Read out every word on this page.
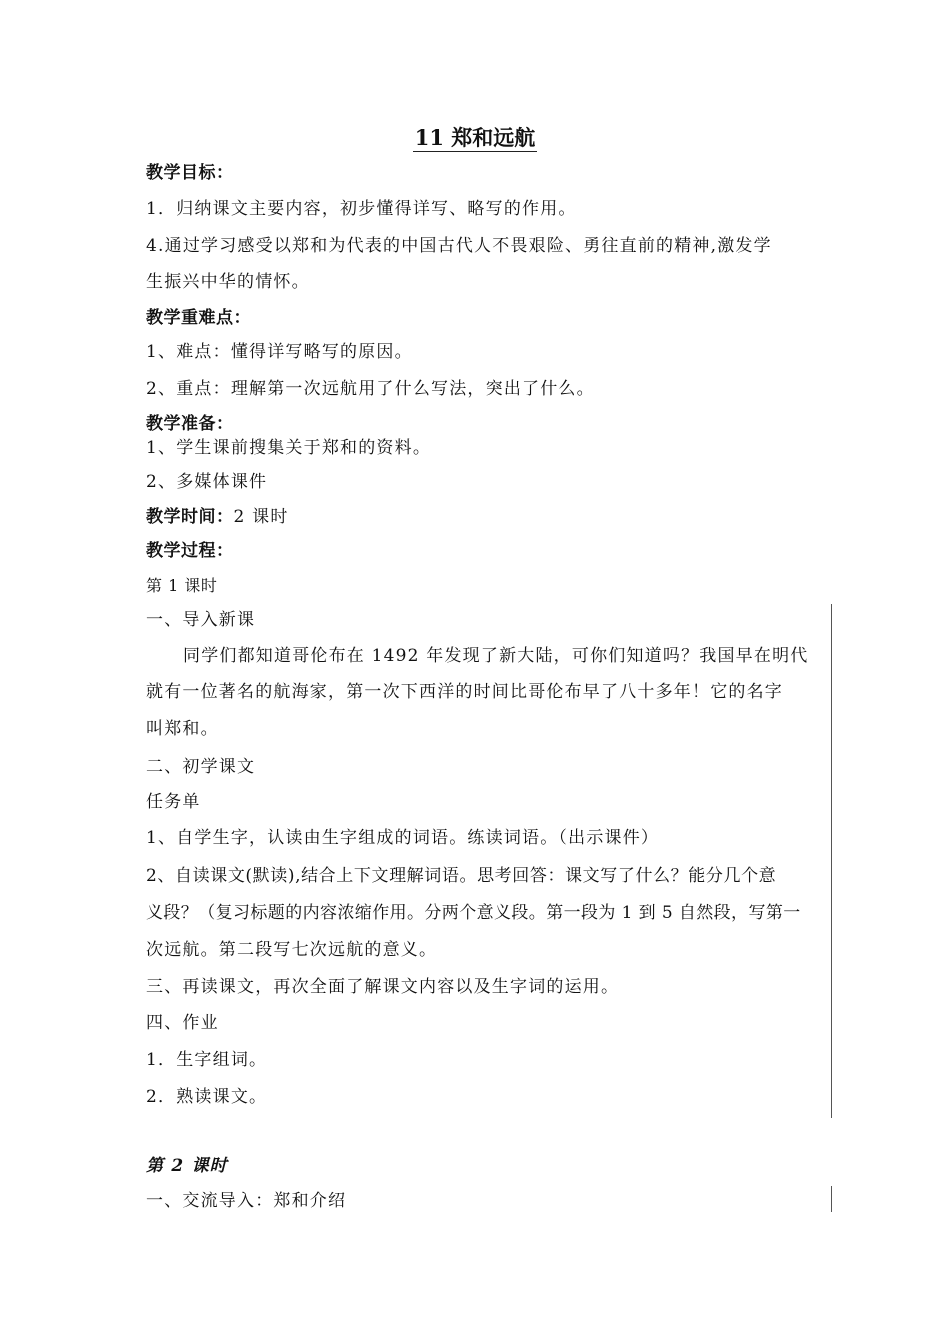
11 郑和远航
教学目标：
1．归纳课文主要内容，初步懂得详写、略写的作用。
4.通过学习感受以郑和为代表的中国古代人不畏艰险、勇往直前的精神,激发学
生振兴中华的情怀。
教学重难点：
1、难点：懂得详写略写的原因。
2、重点：理解第一次远航用了什么写法，突出了什么。
教学准备：
1、学生课前搜集关于郑和的资料。
2、多媒体课件
教学时间：2 课时
教学过程：
第 1 课时
一、导入新课
同学们都知道哥伦布在 1492 年发现了新大陆，可你们知道吗？我国早在明代
就有一位著名的航海家，第一次下西洋的时间比哥伦布早了八十多年！它的名字
叫郑和。
二、初学课文
任务单
1、自学生字，认读由生字组成的词语。练读词语。（出示课件）
2、自读课文(默读),结合上下文理解词语。思考回答：课文写了什么？能分几个意
义段？（复习标题的内容浓缩作用。分两个意义段。第一段为 1 到 5 自然段，写第一
次远航。第二段写七次远航的意义。
三、再读课文，再次全面了解课文内容以及生字词的运用。
四、作业
1．生字组词。
2．熟读课文。
第 2 课时
一、交流导入：郑和介绍
